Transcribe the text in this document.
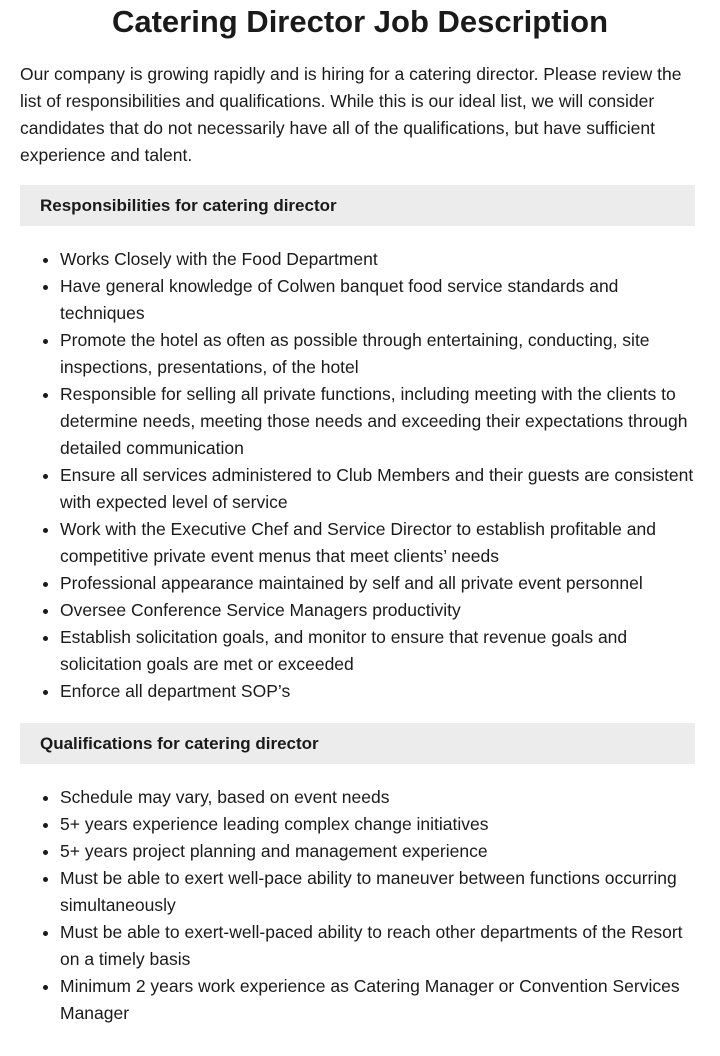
Catering Director Job Description

Our company is growing rapidly and is hiring for a catering director. Please review the list of responsibilities and qualifications. While this is our ideal list, we will consider candidates that do not necessarily have all of the qualifications, but have sufficient experience and talent.

Responsibilities for catering director
• Works Closely with the Food Department
• Have general knowledge of Colwen banquet food service standards and techniques
• Promote the hotel as often as possible through entertaining, conducting, site inspections, presentations, of the hotel
• Responsible for selling all private functions, including meeting with the clients to determine needs, meeting those needs and exceeding their expectations through detailed communication
• Ensure all services administered to Club Members and their guests are consistent with expected level of service
• Work with the Executive Chef and Service Director to establish profitable and competitive private event menus that meet clients’ needs
• Professional appearance maintained by self and all private event personnel
• Oversee Conference Service Managers productivity
• Establish solicitation goals, and monitor to ensure that revenue goals and solicitation goals are met or exceeded
• Enforce all department SOP’s
Qualifications for catering director
• Schedule may vary, based on event needs
• 5+ years experience leading complex change initiatives
• 5+ years project planning and management experience
• Must be able to exert well-pace ability to maneuver between functions occurring simultaneously
• Must be able to exert-well-paced ability to reach other departments of the Resort on a timely basis
• Minimum 2 years work experience as Catering Manager or Convention Services Manager
